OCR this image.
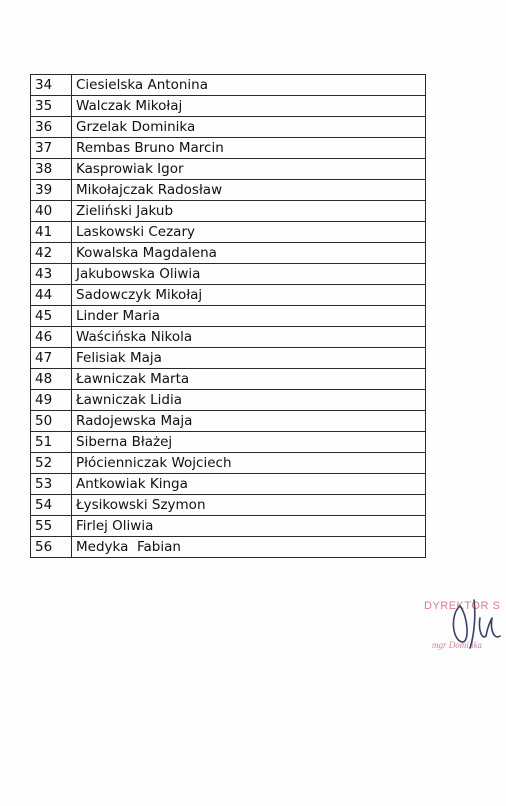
34	Ciesielska Antonina
35	Walczak Mikołaj
36	Grzelak Dominika
37	Rembas Bruno Marcin
38	Kasprowiak Igor
39	Mikołajczak Radosław
40	Zieliński Jakub
41	Laskowski Cezary
42	Kowalska Magdalena
43	Jakubowska Oliwia
44	Sadowczyk Mikołaj
45	Linder Maria
46	Waścińska Nikola
47	Felisiak Maja
48	Ławniczak Marta
49	Ławniczak Lidia
50	Radojewska Maja
51	Siberna Błażej
52	Płócienniczak Wojciech
53	Antkowiak Kinga
54	Łysikowski Szymon
55	Firlej Oliwia
56	Medyka  Fabian
DYREKTOR S
mgr Domi ika
